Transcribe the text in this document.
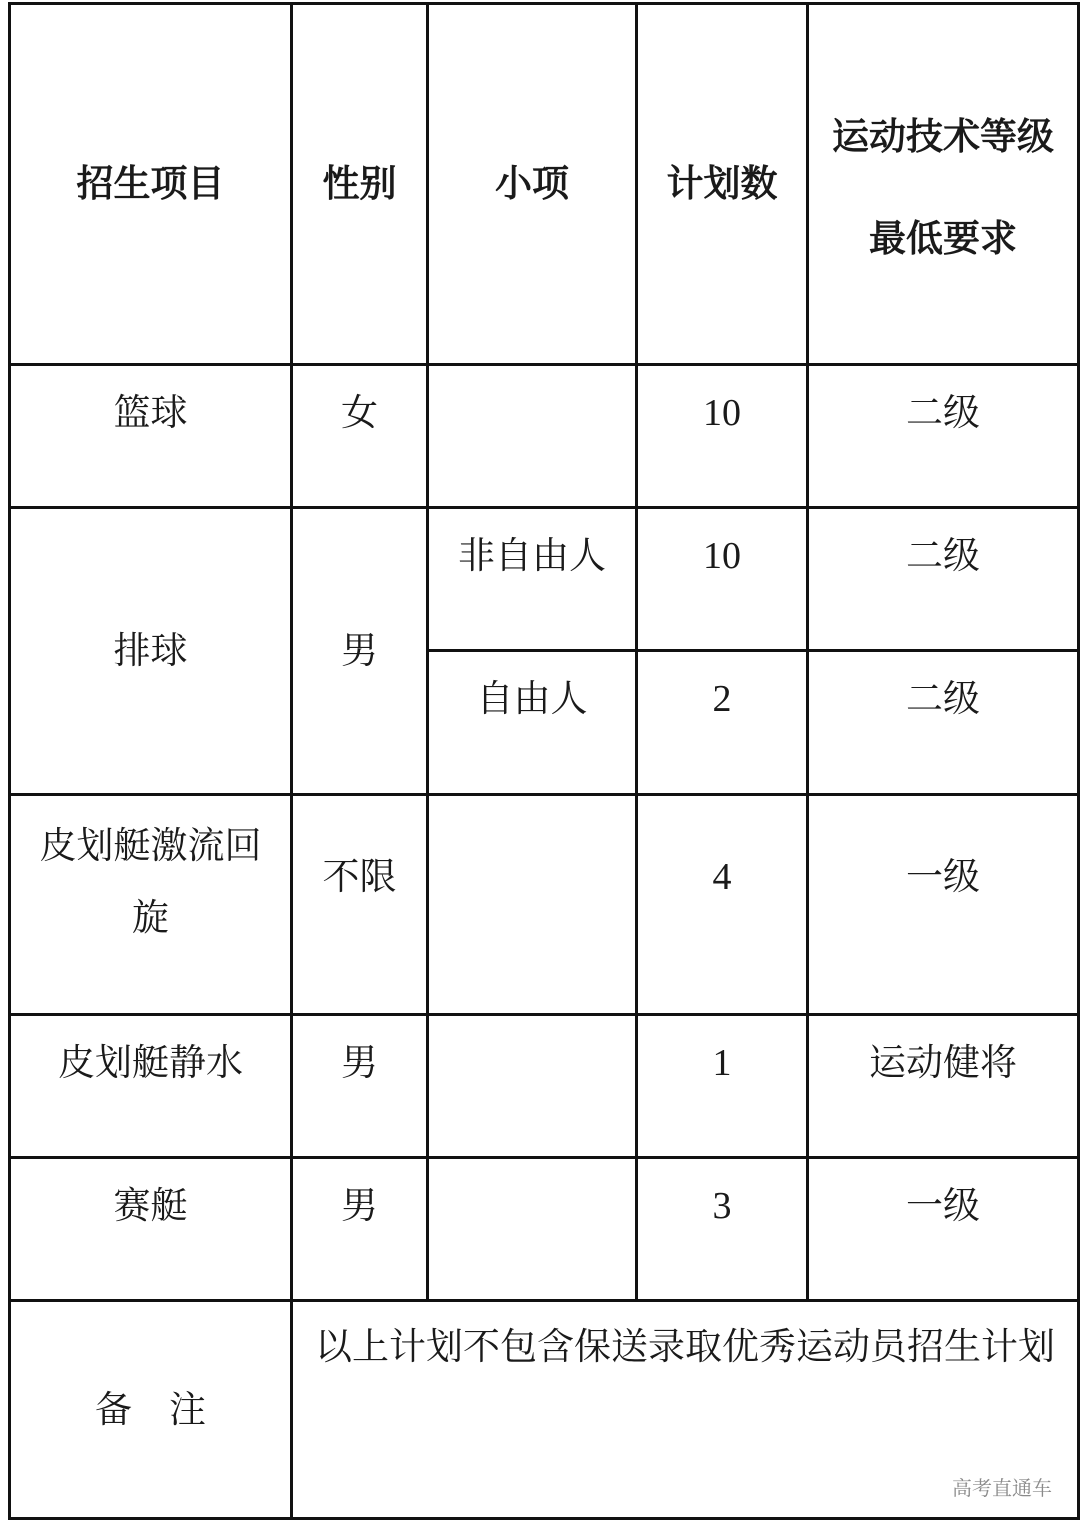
招生项目	性别	小项	计划数	运动技术等级
最低要求

篮球	女		10	二级
排球	男	非自由人	10	二级
		自由人	2	二级
皮划艇激流回旋	不限		4	一级
皮划艇静水	男		1	运动健将
赛艇	男		3	一级
备　注	以上计划不包含保送录取优秀运动员招生计划			
高考直通车
